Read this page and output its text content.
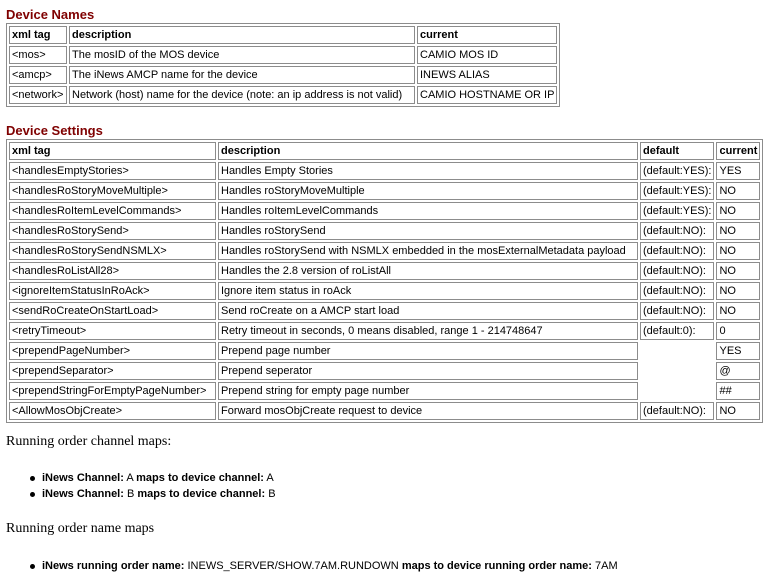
Device Names
xml tag	description	current
<mos>	The mosID of the MOS device	CAMIO MOS ID
<amcp>	The iNews AMCP name for the device	INEWS ALIAS
<network>	Network (host) name for the device (note: an ip address is not valid)	CAMIO HOSTNAME OR IP
Device Settings
xml tag	description	default	current
<handlesEmptyStories>	Handles Empty Stories	(default:YES):	YES
<handlesRoStoryMoveMultiple>	Handles roStoryMoveMultiple	(default:YES):	NO
<handlesRoItemLevelCommands>	Handles roItemLevelCommands	(default:YES):	NO
<handlesRoStorySend>	Handles roStorySend	(default:NO):	NO
<handlesRoStorySendNSMLX>	Handles roStorySend with NSMLX embedded in the mosExternalMetadata payload	(default:NO):	NO
<handlesRoListAll28>	Handles the 2.8 version of roListAll	(default:NO):	NO
<ignoreItemStatusInRoAck>	Ignore item status in roAck	(default:NO):	NO
<sendRoCreateOnStartLoad>	Send roCreate on a AMCP start load	(default:NO):	NO
<retryTimeout>	Retry timeout in seconds, 0 means disabled, range 1 - 214748647	(default:0):	0
<prependPageNumber>	Prepend page number		YES
<prependSeparator>	Prepend seperator		@
<prependStringForEmptyPageNumber>	Prepend string for empty page number		##
<AllowMosObjCreate>	Forward mosObjCreate request to device	(default:NO):	NO

Running order channel maps:

iNews Channel: A maps to device channel: A
iNews Channel: B maps to device channel: B

Running order name maps

iNews running order name: INEWS_SERVER/SHOW.7AM.RUNDOWN maps to device running order name: 7AM
